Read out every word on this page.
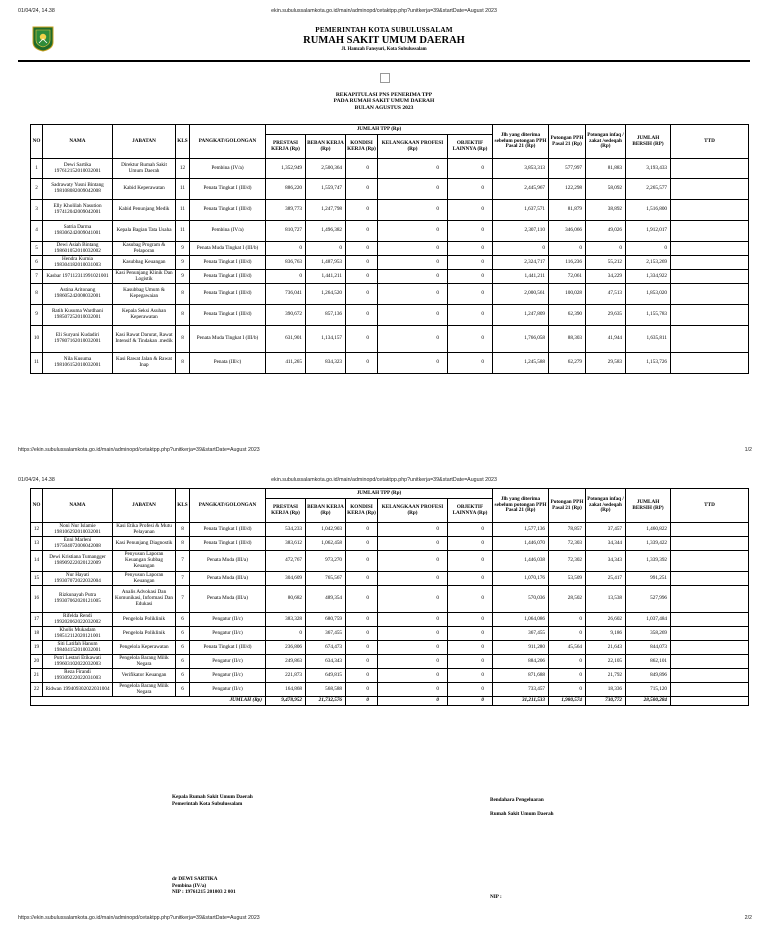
01/04/24, 14.38	ekin.subulussalamkota.go.id/main/adminopd/cetaktpp.php?unitkerja=39&startDate=August 2023
PEMERINTAH KOTA SUBULUSSALAM
RUMAH SAKIT UMUM DAERAH
Jl. Hamzah Fansyuri, Kota Subulussalam
REKAPITULASI PNS PENERIMA TPP
PADA RUMAH SAKIT UMUM DAERAH
BULAN AGUSTUS 2023
NO	NAMA	JABATAN	KLS	PANGKAT/GOLONGAN	JUMLAH TPP (Rp)					Jlh yang diterima sebelum potongan PPH Pasal 21 (Rp)	Potongan PPH Pasal 21 (Rp)	Potongan infaq / zakat /sedeqah (Rp)	JUMLAH BERSIH (RP)	TTD
					PRESTASI KERJA (Rp)	BEBAN KERJA (Rp)	KONDISI KERJA (Rp)	KELANGKAAN PROFESI (Rp)	OBJEKTIF LAINNYA (Rp)					
1	Dewi Sartika 197612152010032001	Direktur Rumah Sakit Umum Daerah	12	Pembina (IV/a)	1,352,949	2,500,364	0	0	0	3,853,313	577,997	81,883	3,193,433	
2	Sadrawaty Yusni Bintang 198108082009042008	Kabid Keperawatan	11	Penata Tingkat I (III/d)	886,220	1,559,747	0	0	0	2,445,967	122,298	58,092	2,265,577	
3	Elly Kholilah Nasution 197412042009042001	Kabid Penunjang Medik	11	Penata Tingkat I (III/d)	389,773	1,247,798	0	0	0	1,637,571	81,879	38,892	1,516,800	
4	Satria Darma 198306242009041001	Kepala Bagian Tata Usaha	11	Pembina (IV/a)	810,727	1,496,382	0	0	0	2,307,110	346,066	49,026	1,912,017	
5	Dewi Asiah Bintang 198601052010032002	Kasubag Program & Pelaporan	9	Penata Muda Tingkat I (III/b)	0	0	0	0	0	0	0	0	0	
6	Hendra Kurnia 198304182010031003	Kasubbag Keuangan	9	Penata Tingkat I (III/d)	836,763	1,487,953	0	0	0	2,324,717	116,236	55,212	2,153,269	
7	Kasbar 197112311991021001	Kasi Penunjang Klinik Dan Logistik	9	Penata Tingkat I (III/d)	0	1,441,211	0	0	0	1,441,211	72,061	34,229	1,334,922	
8	Astina Aritonang 198605242008032001	Kasubbag Umum & Kepegawaian	8	Penata Tingkat I (III/d)	736,041	1,264,520	0	0	0	2,000,561	100,028	47,513	1,853,020	
9	Ratih Kusuma Wardhani 198507252010032001	Kepala Seksi Asuhan Keperawatan	8	Penata Tingkat I (III/d)	390,672	857,136	0	0	0	1,247,809	62,390	29,635	1,155,783	
10	Eli Suryani Kudadiri 197807162010032001	Kasi Rawat Darurat, Rawat Intensif & Tindakan .medik	8	Penata Muda Tingkat I (III/b)	631,901	1,134,157	0	0	0	1,766,058	88,303	41,944	1,635,811	
11	Nila Kusuma 198106152010032001	Kasi Rawat Jalan & Rawat Inap	8	Penata (III/c)	411,265	834,323	0	0	0	1,245,588	62,279	29,583	1,153,726	
https://ekin.subulussalamkota.go.id/main/adminopd/cetaktpp.php?unitkerja=39&startDate=August 2023	1/2
01/04/24, 14.38	ekin.subulussalamkota.go.id/main/adminopd/cetaktpp.php?unitkerja=39&startDate=August 2023
NO	NAMA	JABATAN	KLS	PANGKAT/GOLONGAN	JUMLAH TPP (Rp)					Jlh yang diterima sebelum potongan PPH Pasal 21 (Rp)	Potongan PPH Pasal 21 (Rp)	Potongan infaq / zakat /sedeqah (Rp)	JUMLAH BERSIH (RP)	TTD
					PRESTASI KERJA (Rp)	BEBAN KERJA (Rp)	KONDISI KERJA (Rp)	KELANGKAAN PROFESI (Rp)	OBJEKTIF LAINNYA (Rp)					
12	Noni Nur Islamie 198106292010032001	Kasi Etika Profesi & Mutu Pelayanan	8	Penata Tingkat I (III/d)	534,233	1,042,903	0	0	0	1,577,136	78,857	37,457	1,460,822	
13	Enni Marleni 197504072006042008	Kasi Penunjang Diagnostik	8	Penata Tingkat I (III/d)	383,612	1,062,458	0	0	0	1,446,070	72,303	34,344	1,339,422	
14	Dewi Kristiana Tumangger 198909222020122009	Penyusun Laporan Keuangan Subbag Keuangan	7	Penata Muda (III/a)	472,767	973,270	0	0	0	1,446,038	72,302	34,343	1,339,392	
15	Nur Hayati 199307072022032004	Penyusun Laporan Keuangan	7	Penata Muda (III/a)	304,609	765,567	0	0	0	1,070,176	53,509	25,417	991,251	
16	Rizkunayah Putra 199307062020121005	Analis Advokasi Dan Komunikasi, Informasi Dan Edukasi	7	Penata Muda (III/a)	80,682	489,354	0	0	0	570,036	28,502	13,538	527,996	
17	Rifelda Rendi 199202062022032002	Pengelola Poliklinik	6	Pengatur (II/c)	383,328	680,759	0	0	0	1,064,086	0	26,602	1,037,484	
18	Kholis Mukadam 198512112020121001	Pengelola Poliklinik	6	Pengatur (II/c)	0	367,455	0	0	0	367,455	0	9,186	358,269	
19	Siti Latifah Hanum 198404152010032001	Pengelola Keperawatan	6	Penata Tingkat I (III/d)	236,806	674,473	0	0	0	911,280	45,564	21,643	844,073	
20	Putri Lestari Etikawati 199603102022032003	Pengelola Barang Milik Negara	6	Pengatur (II/c)	249,863	634,343	0	0	0	884,206	0	22,105	862,101	
21	Reza Firandi 199309222022031003	Verifikator Keuangan	6	Pengatur (II/c)	221,873	649,815	0	0	0	871,688	0	21,792	849,896	
22	Ridwan 199409302022031004	Pengelola Barang Milik Negara	6	Pengatur (II/c)	164,868	568,588	0	0	0	733,457	0	18,336	715,120	
JUMLAH (Rp)					9,478,952	21,732,576	0	0	0	31,211,533	1,980,574	730,772	28,500,284	
Kepala Rumah Sakit Umum Daerah
Pemerintah Kota Subulussalam
Bendahara Pengeluaran
Rumah Sakit Umum Daerah
dr DEWI SARTIKA
Pembina (IV/a)
NIP : 19761215 201003 2 001
NIP :
https://ekin.subulussalamkota.go.id/main/adminopd/cetaktpp.php?unitkerja=39&startDate=August 2023	2/2
